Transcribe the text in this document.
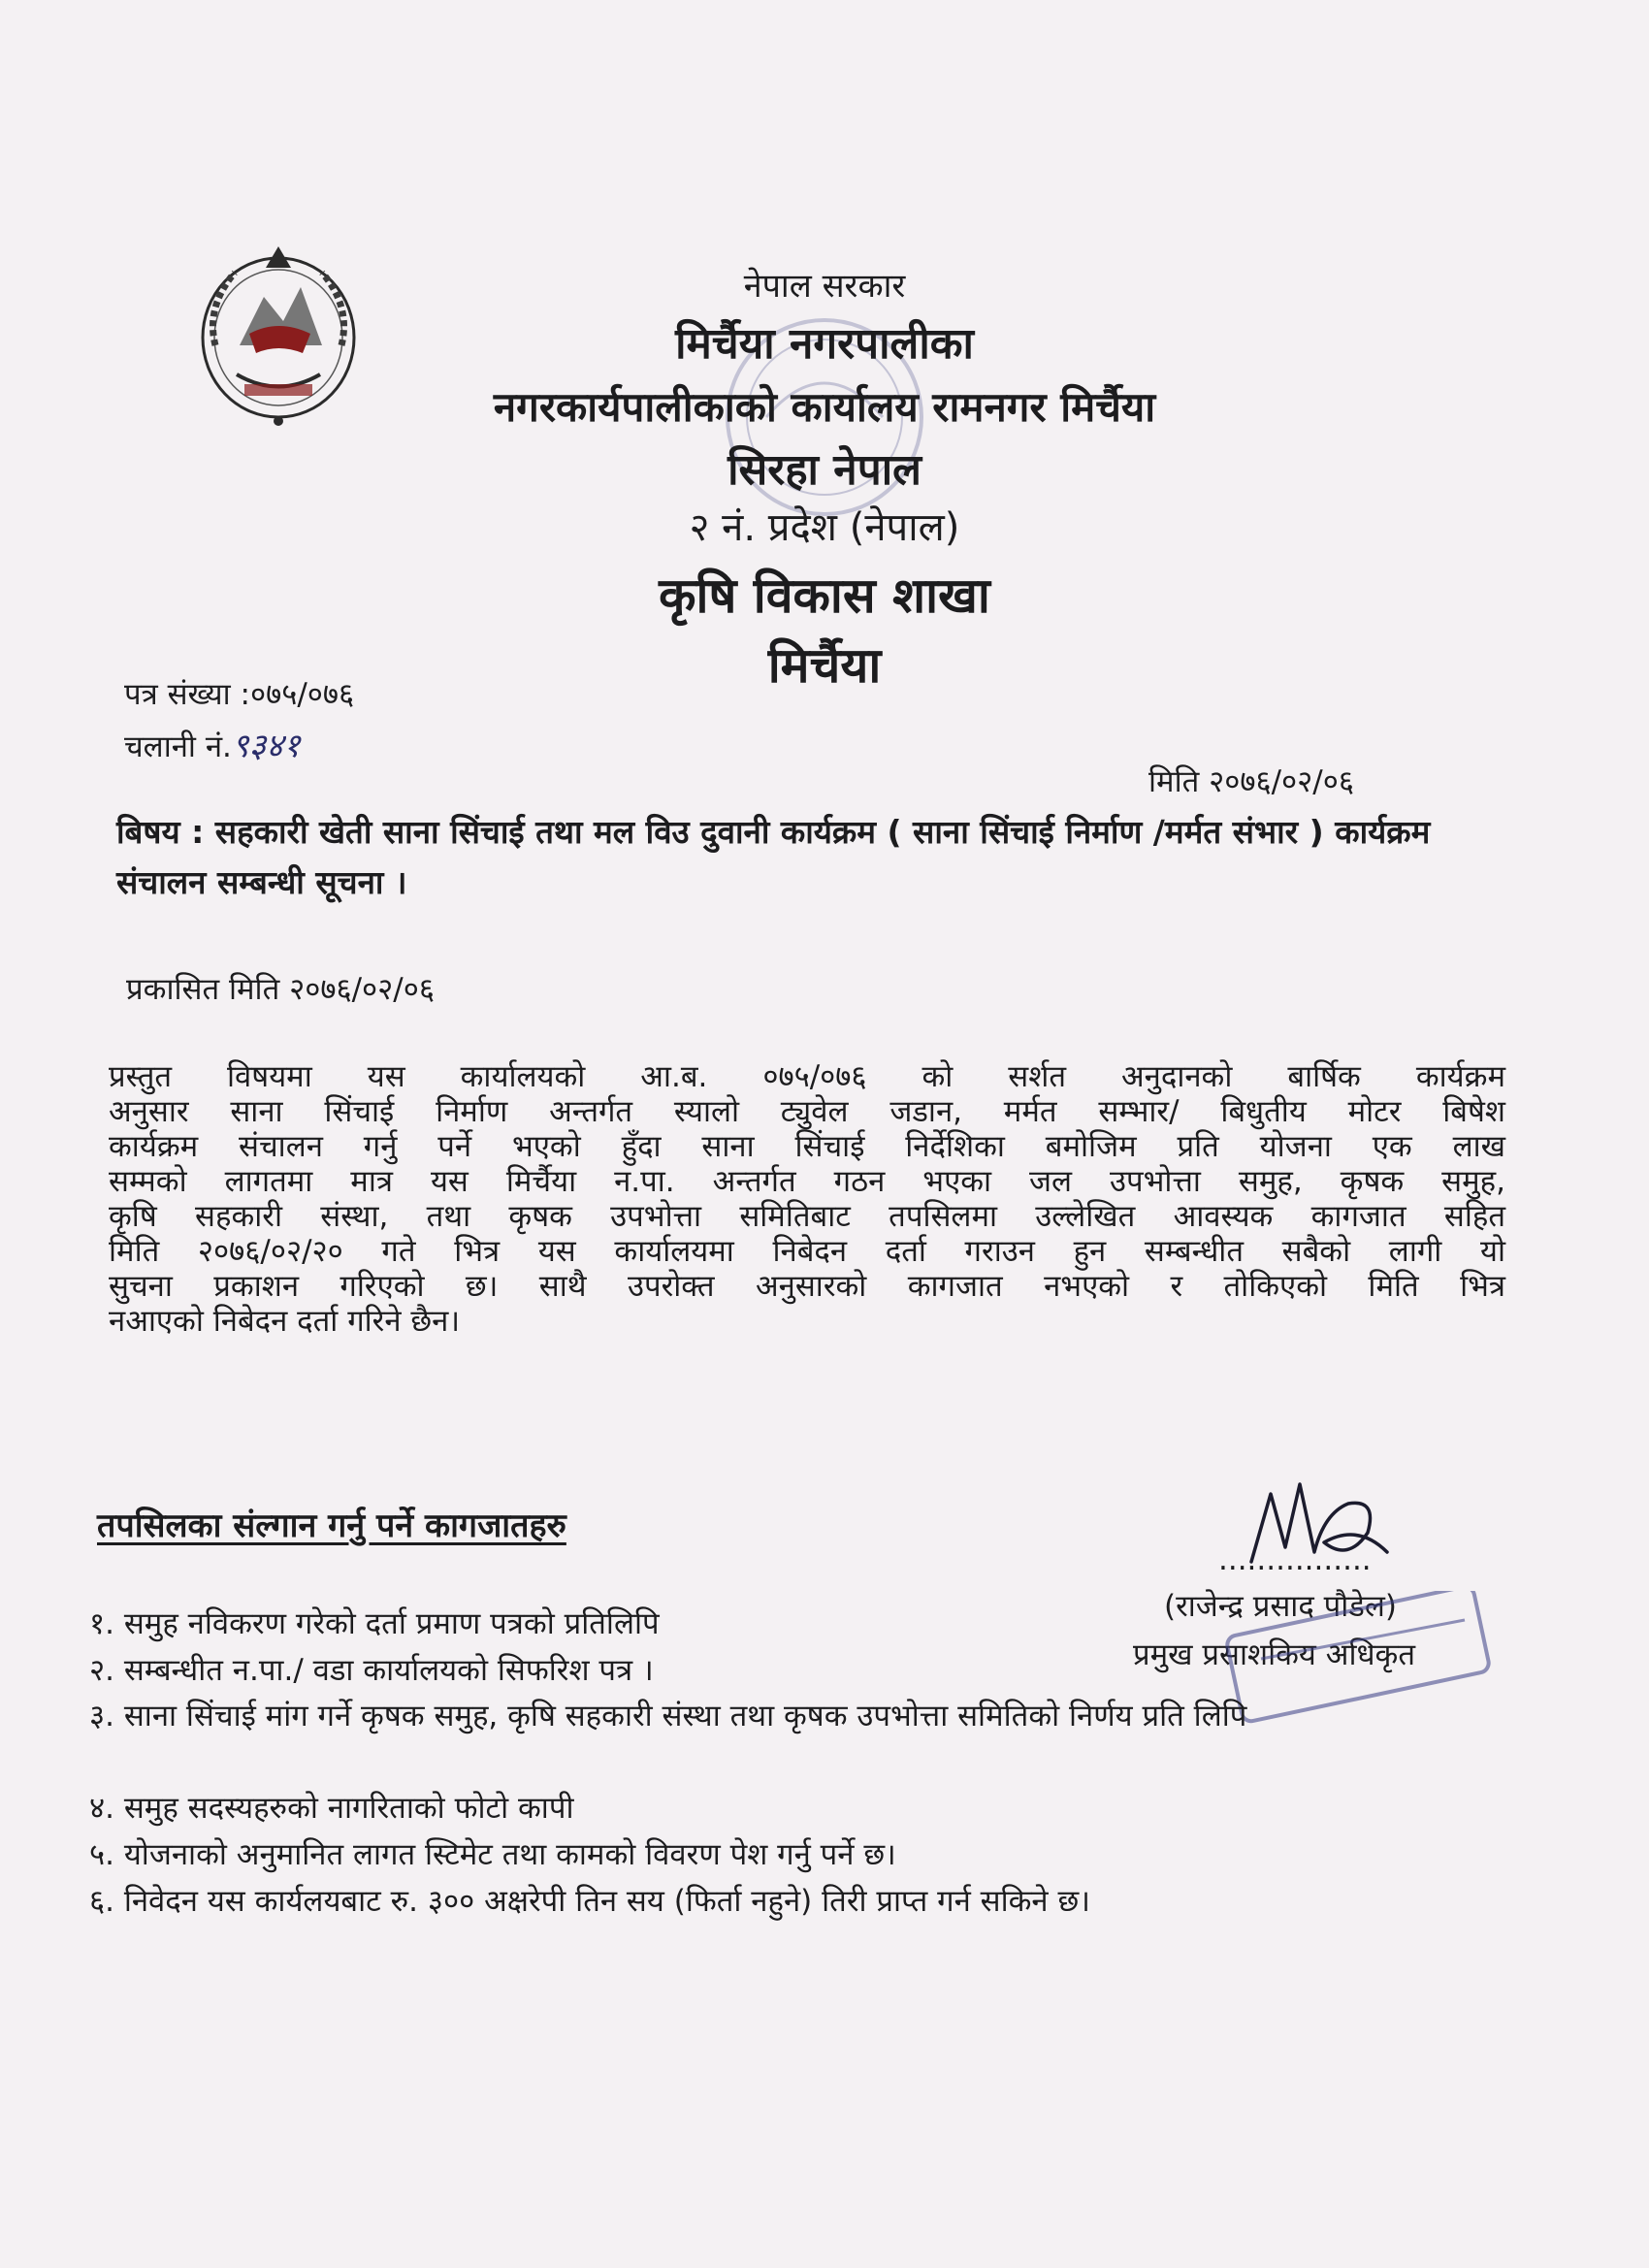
नेपाल सरकार
मिर्चैया नगरपालीका
नगरकार्यपालीकाको कार्यालय रामनगर मिर्चैया
सिरहा नेपाल
२ नं. प्रदेश (नेपाल)
कृषि विकास शाखा
मिर्चैया
पत्र संख्या :०७५/०७६
चलानी नं.९३४१
मिति २०७६/०२/०६
बिषय : सहकारी खेती साना सिंचाई तथा मल विउ दुवानी कार्यक्रम ( साना सिंचाई निर्माण /मर्मत संभार ) कार्यक्रम संचालन सम्बन्धी सूचना ।
प्रकासित मिति २०७६/०२/०६
प्रस्तुत विषयमा यस कार्यालयको आ.ब. ०७५/०७६ को सर्शत अनुदानको बार्षिक कार्यक्रम
अनुसार साना सिंचाई निर्माण अन्तर्गत स्यालो ट्युवेल जडान, मर्मत सम्भार/ बिधुतीय मोटर बिषेश
कार्यक्रम संचालन गर्नु पर्ने भएको हुँदा साना सिंचाई निर्देशिका बमोजिम प्रति योजना एक लाख
सम्मको लागतमा मात्र यस मिर्चैया न.पा. अन्तर्गत गठन भएका जल उपभोत्ता समुह, कृषक समुह,
कृषि सहकारी संस्था, तथा कृषक उपभोत्ता समितिबाट तपसिलमा उल्लेखित आवस्यक कागजात सहित
मिति २०७६/०२/२० गते भित्र यस कार्यालयमा निबेदन दर्ता गराउन हुन सम्बन्धीत सबैको लागी यो
सुचना प्रकाशन गरिएको छ। साथै उपरोक्त अनुसारको कागजात नभएको र तोकिएको मिति भित्र
नआएको निबेदन दर्ता गरिने छैन।
तपसिलका संल्गान गर्नु पर्ने कागजातहरु
................
(राजेन्द्र प्रसाद पौडेल)
प्रमुख प्रसाशकिय अधिकृत
१. समुह नविकरण गरेको दर्ता प्रमाण पत्रको प्रतिलिपि
२. सम्बन्धीत न.पा./ वडा कार्यालयको सिफरिश पत्र ।
३. साना सिंचाई मांग गर्ने कृषक समुह, कृषि सहकारी संस्था तथा कृषक उपभोत्ता समितिको निर्णय प्रति लिपि
४. समुह सदस्यहरुको नागरिताको फोटो कापी
५. योजनाको अनुमानित लागत स्टिमेट तथा कामको विवरण पेश गर्नु पर्ने छ।
६. निवेदन यस कार्यलयबाट रु. ३०० अक्षरेपी तिन सय (फिर्ता नहुने) तिरी प्राप्त गर्न सकिने छ।
